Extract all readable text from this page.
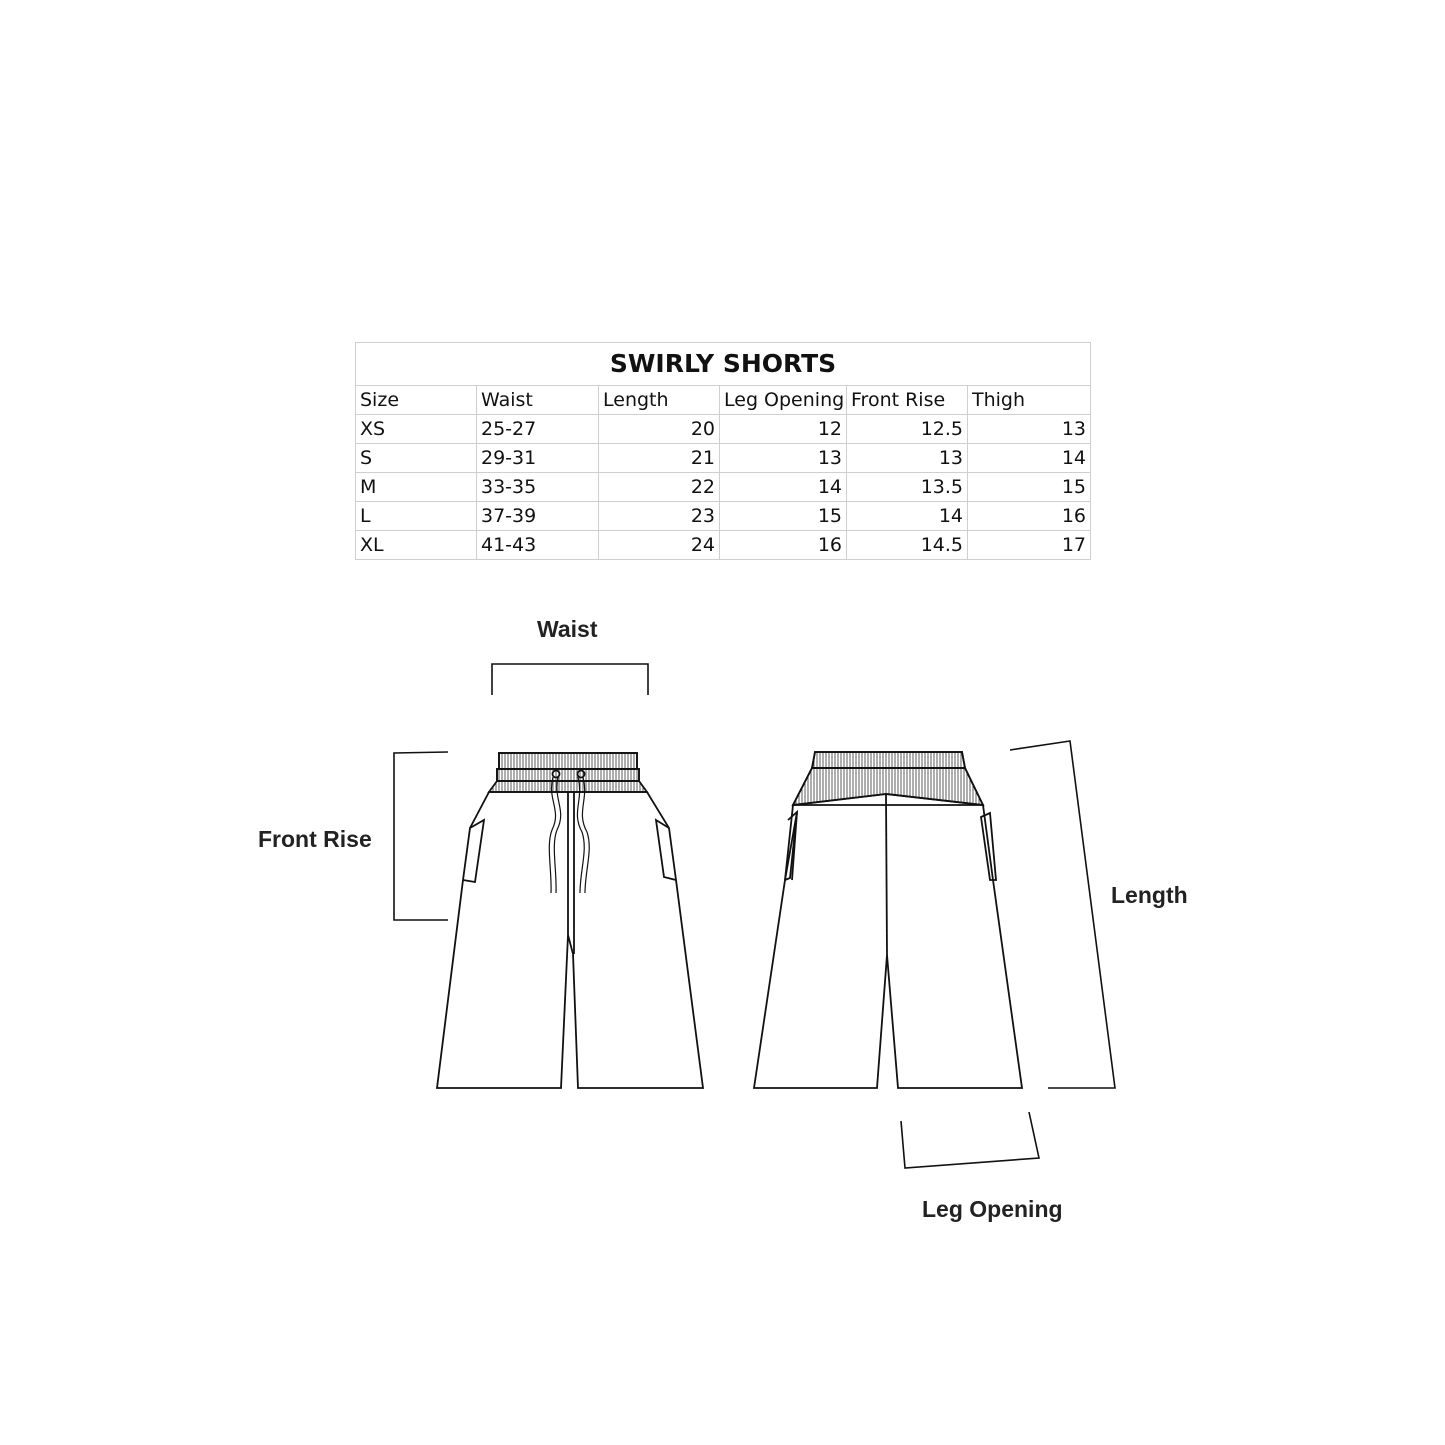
SWIRLY SHORTS					
Size	Waist	Length	Leg Opening	Front Rise	Thigh
XS	25-27	20	12	12.5	13
S	29-31	21	13	13	14
M	33-35	22	14	13.5	15
L	37-39	23	15	14	16
XL	41-43	24	16	14.5	17
Waist
Front Rise
Length
Leg Opening
